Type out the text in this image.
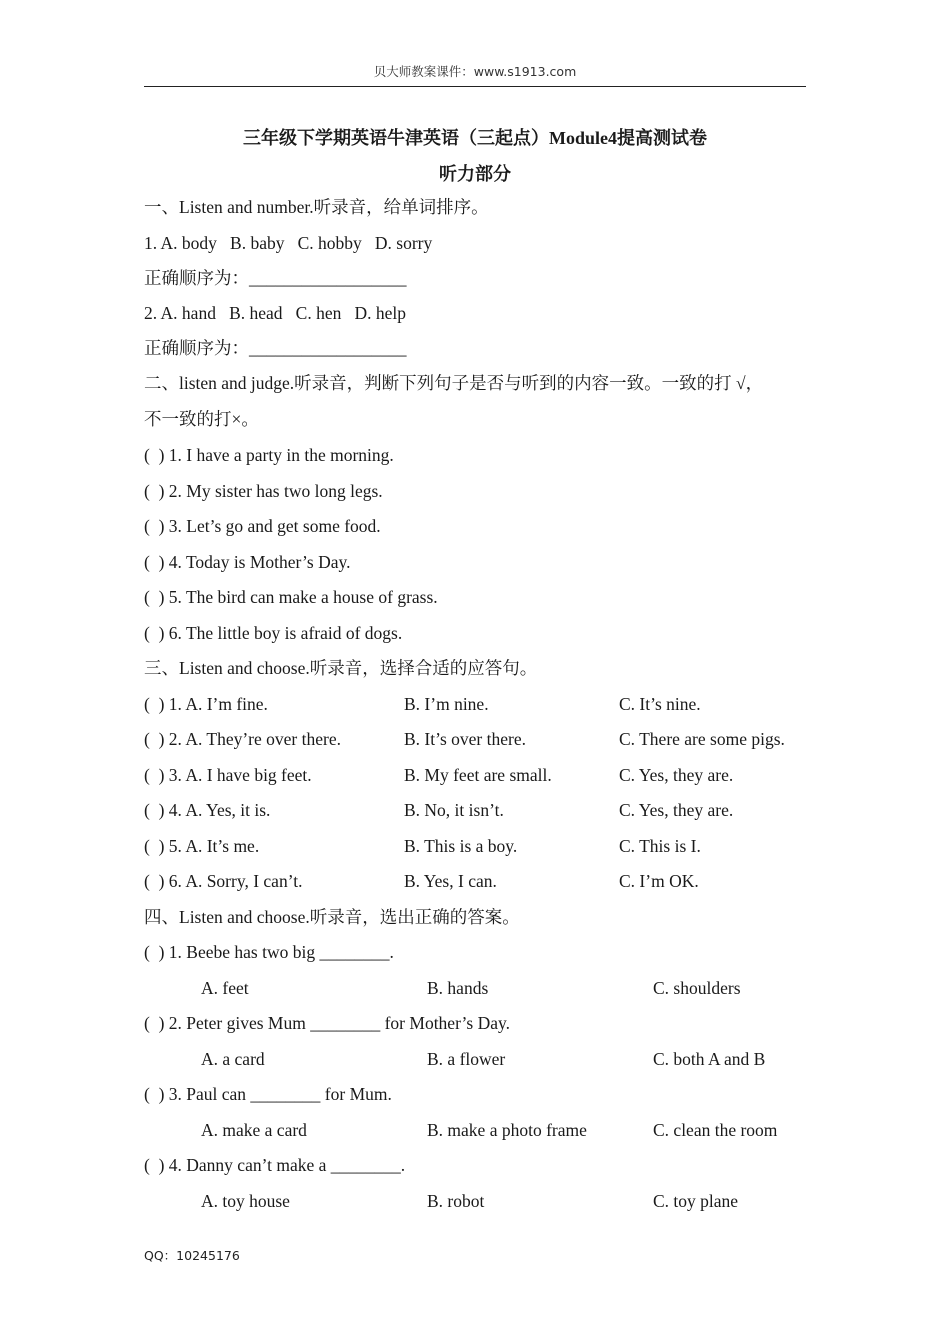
贝大师教案课件：www.s1913.com
三年级下学期英语牛津英语（三起点）Module4提高测试卷
听力部分
一、Listen and number.听录音，给单词排序。
1. A. body   B. baby   C. hobby   D. sorry
正确顺序为：__________________
2. A. hand   B. head   C. hen   D. help
正确顺序为：__________________
二、listen and judge.听录音，判断下列句子是否与听到的内容一致。一致的打 √，
不一致的打×。
(  ) 1. I have a party in the morning.
(  ) 2. My sister has two long legs.
(  ) 3. Let’s go and get some food.
(  ) 4. Today is Mother’s Day.
(  ) 5. The bird can make a house of grass.
(  ) 6. The little boy is afraid of dogs.
三、Listen and choose.听录音，选择合适的应答句。
(  ) 1. A. I’m fine.	B. I’m nine.	C. It’s nine.
(  ) 2. A. They’re over there.	B. It’s over there.	C. There are some pigs.
(  ) 3. A. I have big feet.	B. My feet are small.	C. Yes, they are.
(  ) 4. A. Yes, it is.	B. No, it isn’t.	C. Yes, they are.
(  ) 5. A. It’s me.	B. This is a boy.	C. This is I.
(  ) 6. A. Sorry, I can’t.	B. Yes, I can.	C. I’m OK.
四、Listen and choose.听录音，选出正确的答案。
(  ) 1. Beebe has two big ________.
A. feet	B. hands	C. shoulders
(  ) 2. Peter gives Mum ________ for Mother’s Day.
A. a card	B. a flower	C. both A and B
(  ) 3. Paul can ________ for Mum.
A. make a card	B. make a photo frame	C. clean the room
(  ) 4. Danny can’t make a ________.
A. toy house	B. robot	C. toy plane
QQ：10245176
